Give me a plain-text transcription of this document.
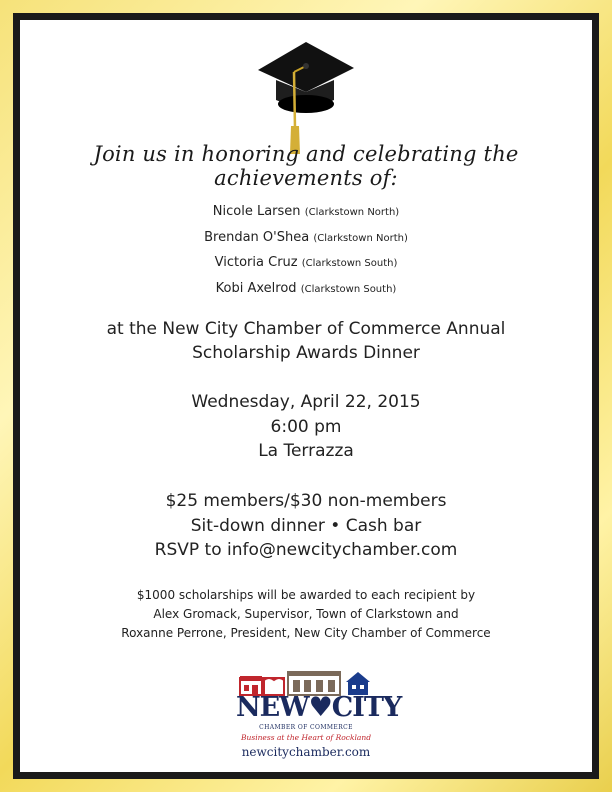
Join us in honoring and celebrating the achievements of:
Nicole Larsen (Clarkstown North)
Brendan O'Shea (Clarkstown North)
Victoria Cruz (Clarkstown South)
Kobi Axelrod (Clarkstown South)
at the New City Chamber of Commerce Annual
Scholarship Awards Dinner
Wednesday, April 22, 2015
6:00 pm
La Terrazza
$25 members/$30 non-members
Sit-down dinner • Cash bar
RSVP to info@newcitychamber.com
$1000 scholarships will be awarded to each recipient by
Alex Gromack, Supervisor, Town of Clarkstown and
Roxanne Perrone, President, New City Chamber of Commerce
NEW♥CITY
CHAMBER OF COMMERCE
Business at the Heart of Rockland
newcitychamber.com
